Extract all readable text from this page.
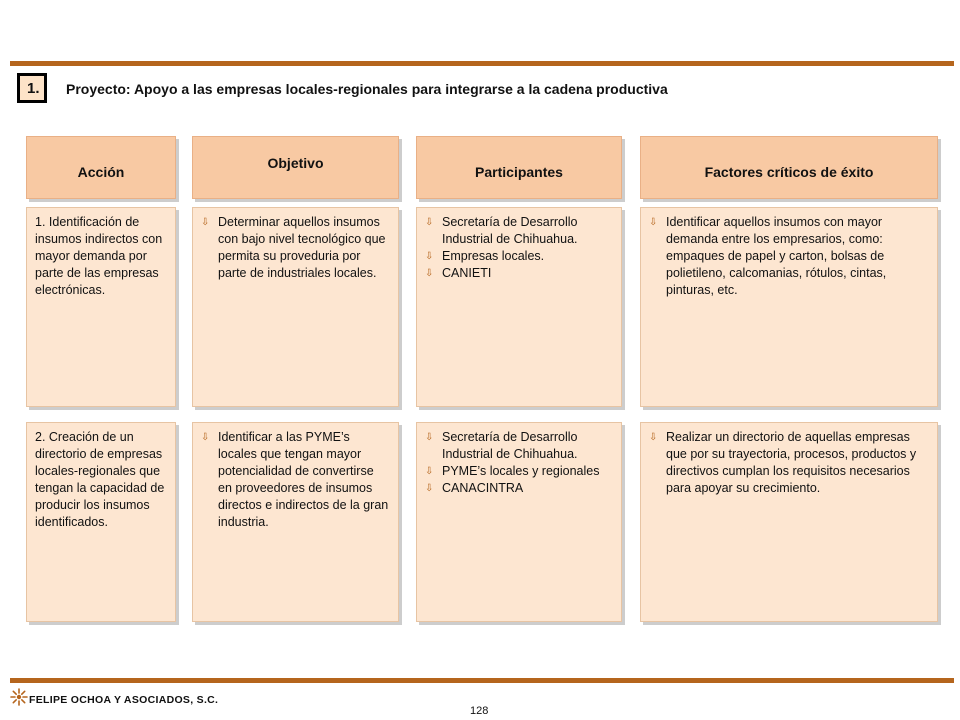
1.	Proyecto: Apoyo a las empresas locales-regionales para integrarse a la cadena productiva
Acción
Objetivo
Participantes	Factores críticos de éxito
1. Identificación de insumos indirectos con mayor demanda por parte de las empresas electrónicas.
⇩ Determinar aquellos insumos con bajo nivel tecnológico que permita su proveduria por parte de industriales locales.
⇩ Secretaría de Desarrollo Industrial de Chihuahua.
⇩ Empresas locales.
⇩ CANIETI
⇩ Identificar aquellos insumos con mayor demanda entre los empresarios, como: empaques de papel y carton, bolsas de polietileno, calcomanias, rótulos, cintas, pinturas, etc.
2. Creación de un directorio de empresas locales-regionales que tengan la capacidad de producir los insumos identificados.
⇩ Identificar a las PYME’s locales que tengan mayor potencialidad de convertirse en proveedores de insumos directos e indirectos de la gran industria.
⇩ Secretaría de Desarrollo Industrial de Chihuahua.
⇩ PYME’s locales y regionales
⇩ CANACINTRA
⇩ Realizar un directorio de aquellas empresas que por su trayectoria, procesos, productos y directivos cumplan los requisitos necesarios para apoyar su crecimiento.
FELIPE OCHOA Y ASOCIADOS, S.C.
128
